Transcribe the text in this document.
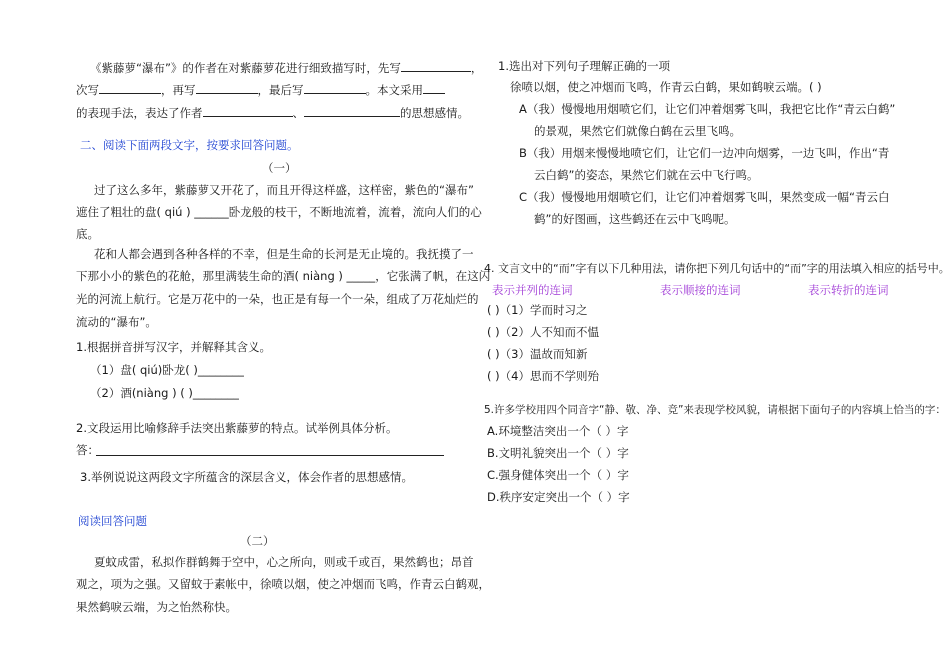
《紫藤萝“瀑布”》的作者在对紫藤萝花进行细致描写时，先写	，
次写	，再写	，最后写	。本文采用
的表现手法，表达了作者	、	的思想感情。
二、阅读下面两段文字，按要求回答问题。
（一）
过了这么多年，紫藤萝又开花了，而且开得这样盛，这样密，紫色的“瀑布”
遮住了粗壮的盘( qiú ) ______卧龙般的枝干，不断地流着，流着，流向人们的心
底。
花和人都会遇到各种各样的不幸，但是生命的长河是无止境的。我抚摸了一
下那小小的紫色的花舱，那里满装生命的酒( niàng ) _____，它张满了帆，在这闪
光的河流上航行。它是万花中的一朵，也正是有每一个一朵，组成了万花灿烂的
流动的“瀑布”。
1.根据拼音拼写汉字，并解释其含义。
（1）盘( qiú)卧龙( )________
（2）酒(niàng ) ( )________
2.文段运用比喻修辞手法突出紫藤萝的特点。试举例具体分析。
答：
3.举例说说这两段文字所蕴含的深层含义，体会作者的思想感情。
阅读回答问题
（二）
夏蚊成雷，私拟作群鹤舞于空中，心之所向，则或千或百，果然鹤也；昂首
观之，项为之强。又留蚊于素帐中，徐喷以烟，使之冲烟而飞鸣，作青云白鹤观，
果然鹤唳云端，为之怡然称快。
1.选出对下列句子理解正确的一项
徐喷以烟，使之冲烟而飞鸣，作青云白鹤，果如鹤唳云端。( )
A（我）慢慢地用烟喷它们，让它们冲着烟雾飞叫，我把它比作“青云白鹤”
的景观，果然它们就像白鹤在云里飞鸣。
B（我）用烟来慢慢地喷它们，让它们一边冲向烟雾，一边飞叫，作出“青
云白鹤”的姿态，果然它们就在云中飞行鸣。
C（我）慢慢地用烟喷它们，让它们冲着烟雾飞叫，果然变成一幅“青云白
鹤”的好图画，这些鹤还在云中飞鸣呢。
4. 文言文中的“而”字有以下几种用法，请你把下列几句话中的“而”字的用法填入相应的括号中。
表示并列的连词	表示顺接的连词	表示转折的连词
( )（1）学而时习之
( )（2）人不知而不愠
( )（3）温故而知新
( )（4）思而不学则殆
5.许多学校用四个同音字“静、敬、净、竞”来表现学校风貌，请根据下面句子的内容填上恰当的字：
A.环境整洁突出一个（ ）字
B.文明礼貌突出一个（ ）字
C.强身健体突出一个（ ）字
D.秩序安定突出一个（ ）字
